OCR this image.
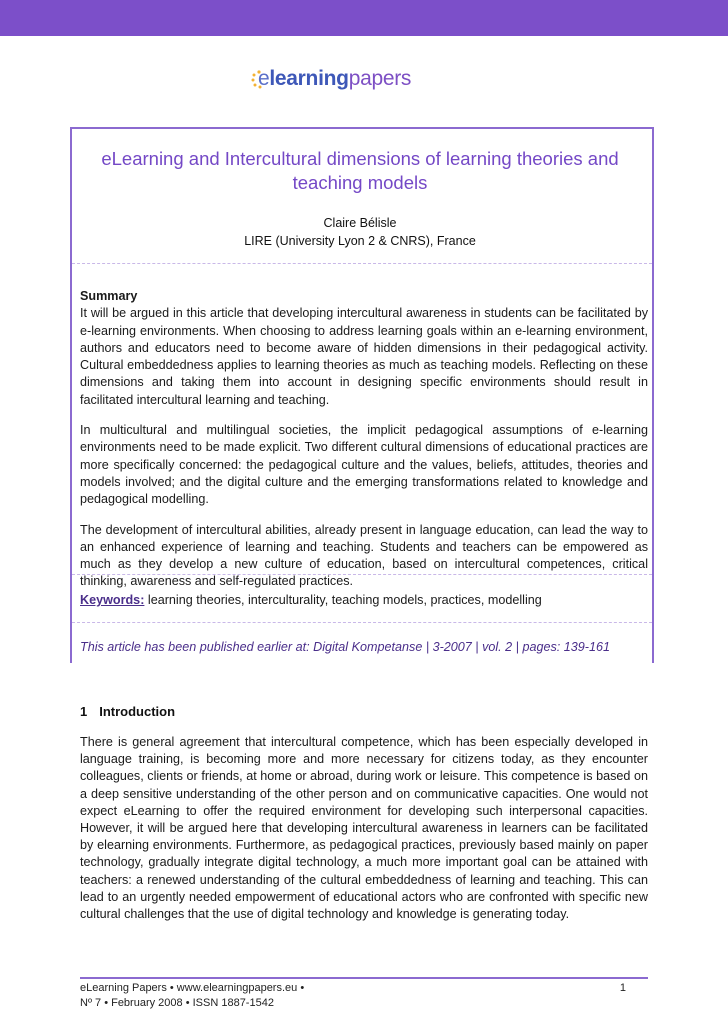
elearningpapers
eLearning and Intercultural dimensions of learning theories and
teaching models
Claire Bélisle
LIRE (University Lyon 2 & CNRS), France

Summary
It will be argued in this article that developing intercultural awareness in students can be facilitated by e-learning environments. When choosing to address learning goals within an e-learning environment, authors and educators need to become aware of hidden dimensions in their pedagogical activity. Cultural embeddedness applies to learning theories as much as teaching models. Reflecting on these dimensions and taking them into account in designing specific environments should result in facilitated intercultural learning and teaching.

In multicultural and multilingual societies, the implicit pedagogical assumptions of e-learning environments need to be made explicit. Two different cultural dimensions of educational practices are more specifically concerned: the pedagogical culture and the values, beliefs, attitudes, theories and models involved; and the digital culture and the emerging transformations related to knowledge and pedagogical modelling.

The development of intercultural abilities, already present in language education, can lead the way to an enhanced experience of learning and teaching. Students and teachers can be empowered as much as they develop a new culture of education, based on intercultural competences, critical thinking, awareness and self-regulated practices.

Keywords: learning theories, interculturality, teaching models, practices, modelling
This article has been published earlier at: Digital Kompetanse | 3-2007 | vol. 2 | pages: 139-161
1 Introduction
There is general agreement that intercultural competence, which has been especially developed in language training, is becoming more and more necessary for citizens today, as they encounter colleagues, clients or friends, at home or abroad, during work or leisure. This competence is based on a deep sensitive understanding of the other person and on communicative capacities. One would not expect eLearning to offer the required environment for developing such interpersonal capacities. However, it will be argued here that developing intercultural awareness in learners can be facilitated by elearning environments. Furthermore, as pedagogical practices, previously based mainly on paper technology, gradually integrate digital technology, a much more important goal can be attained with teachers: a renewed understanding of the cultural embeddedness of learning and teaching. This can lead to an urgently needed empowerment of educational actors who are confronted with specific new cultural challenges that the use of digital technology and knowledge is generating today.
eLearning Papers • www.elearningpapers.eu •
Nº 7 • February 2008 • ISSN 1887-1542
1
